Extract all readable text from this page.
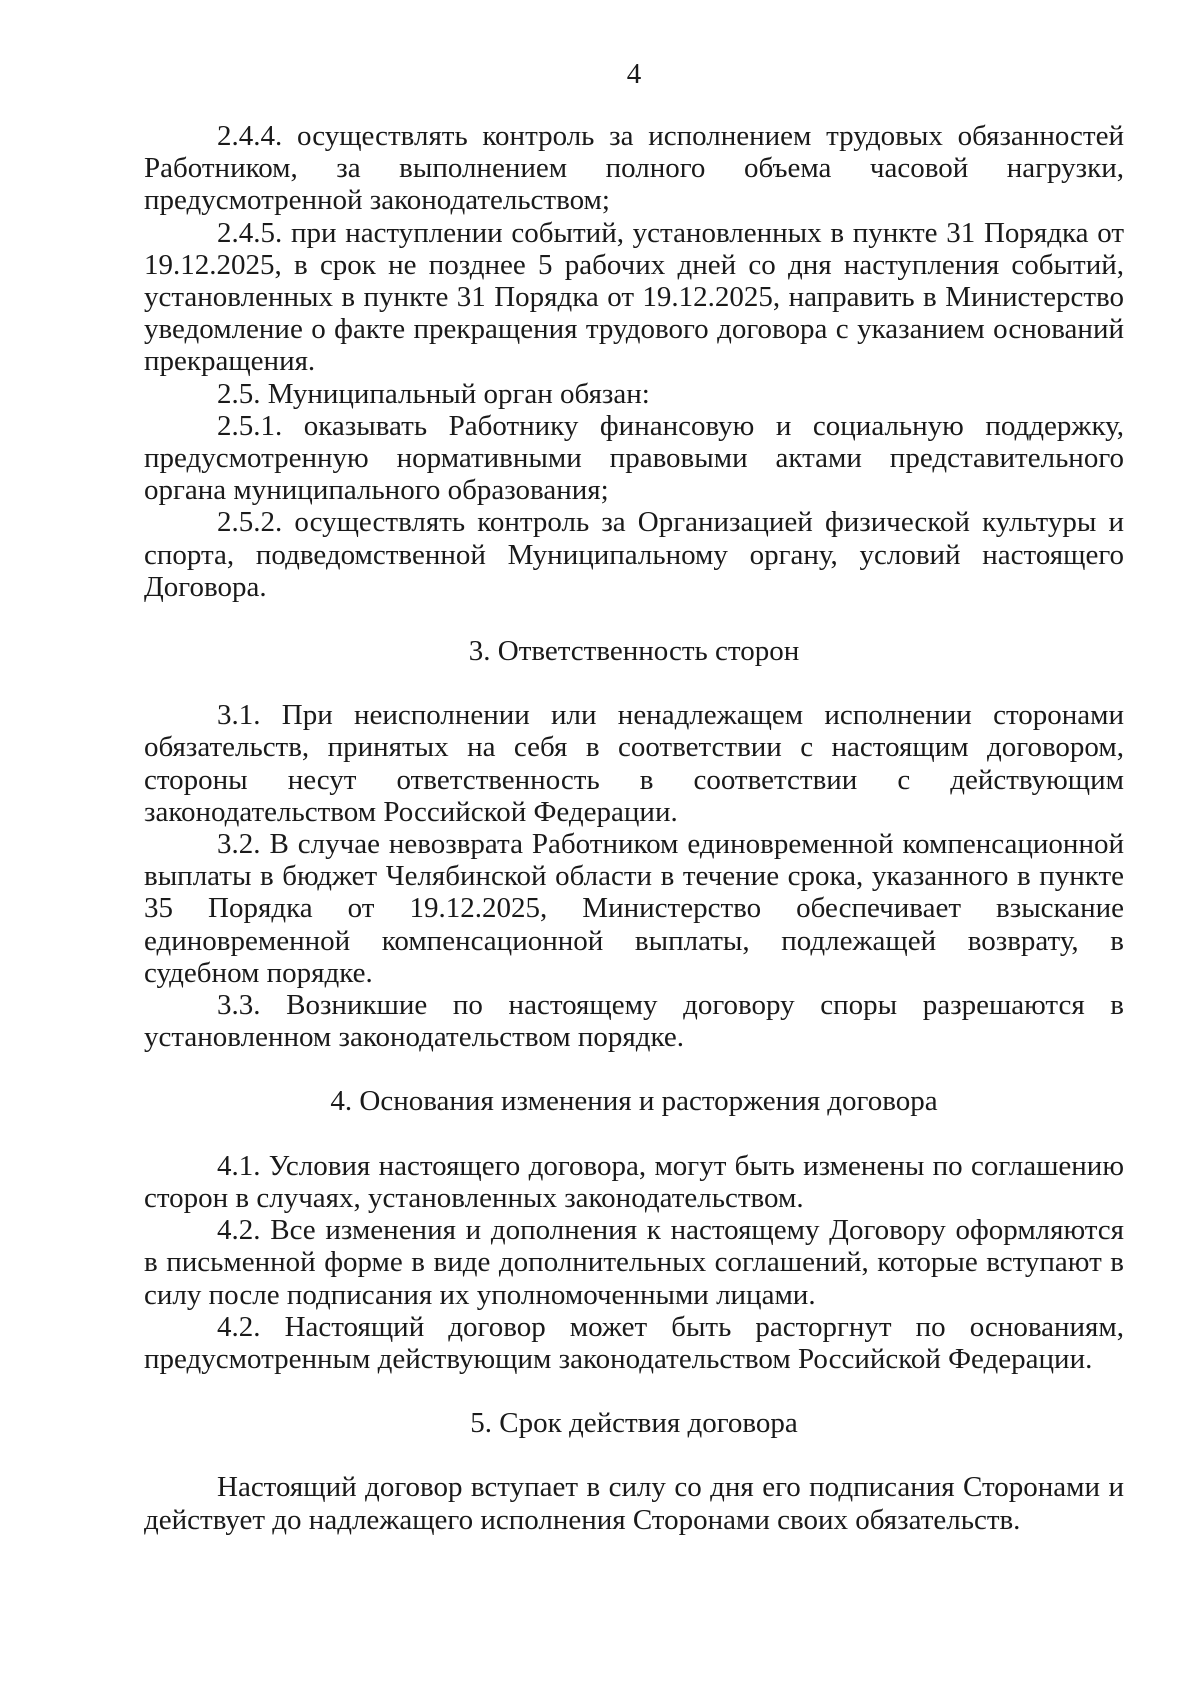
4

2.4.4. осуществлять контроль за исполнением трудовых обязанностей Работником, за выполнением полного объема часовой нагрузки, предусмотренной законодательством;

2.4.5. при наступлении событий, установленных в пункте 31 Порядка от 19.12.2025, в срок не позднее 5 рабочих дней со дня наступления событий, установленных в пункте 31 Порядка от 19.12.2025, направить в Министерство уведомление о факте прекращения трудового договора с указанием оснований прекращения.

2.5. Муниципальный орган обязан:

2.5.1. оказывать Работнику финансовую и социальную поддержку, предусмотренную нормативными правовыми актами представительного органа муниципального образования;

2.5.2. осуществлять контроль за Организацией физической культуры и спорта, подведомственной Муниципальному органу, условий настоящего Договора.

3. Ответственность сторон

3.1. При неисполнении или ненадлежащем исполнении сторонами обязательств, принятых на себя в соответствии с настоящим договором, стороны несут ответственность в соответствии с действующим законодательством Российской Федерации.

3.2. В случае невозврата Работником единовременной компенсационной выплаты в бюджет Челябинской области в течение срока, указанного в пункте 35 Порядка от 19.12.2025, Министерство обеспечивает взыскание единовременной компенсационной выплаты, подлежащей возврату, в судебном порядке.

3.3. Возникшие по настоящему договору споры разрешаются в установленном законодательством порядке.

4. Основания изменения и расторжения договора

4.1. Условия настоящего договора, могут быть изменены по соглашению сторон в случаях, установленных законодательством.

4.2. Все изменения и дополнения к настоящему Договору оформляются в письменной форме в виде дополнительных соглашений, которые вступают в силу после подписания их уполномоченными лицами.

4.2. Настоящий договор может быть расторгнут по основаниям, предусмотренным действующим законодательством Российской Федерации.

5. Срок действия договора

Настоящий договор вступает в силу со дня его подписания Сторонами и действует до надлежащего исполнения Сторонами своих обязательств.
